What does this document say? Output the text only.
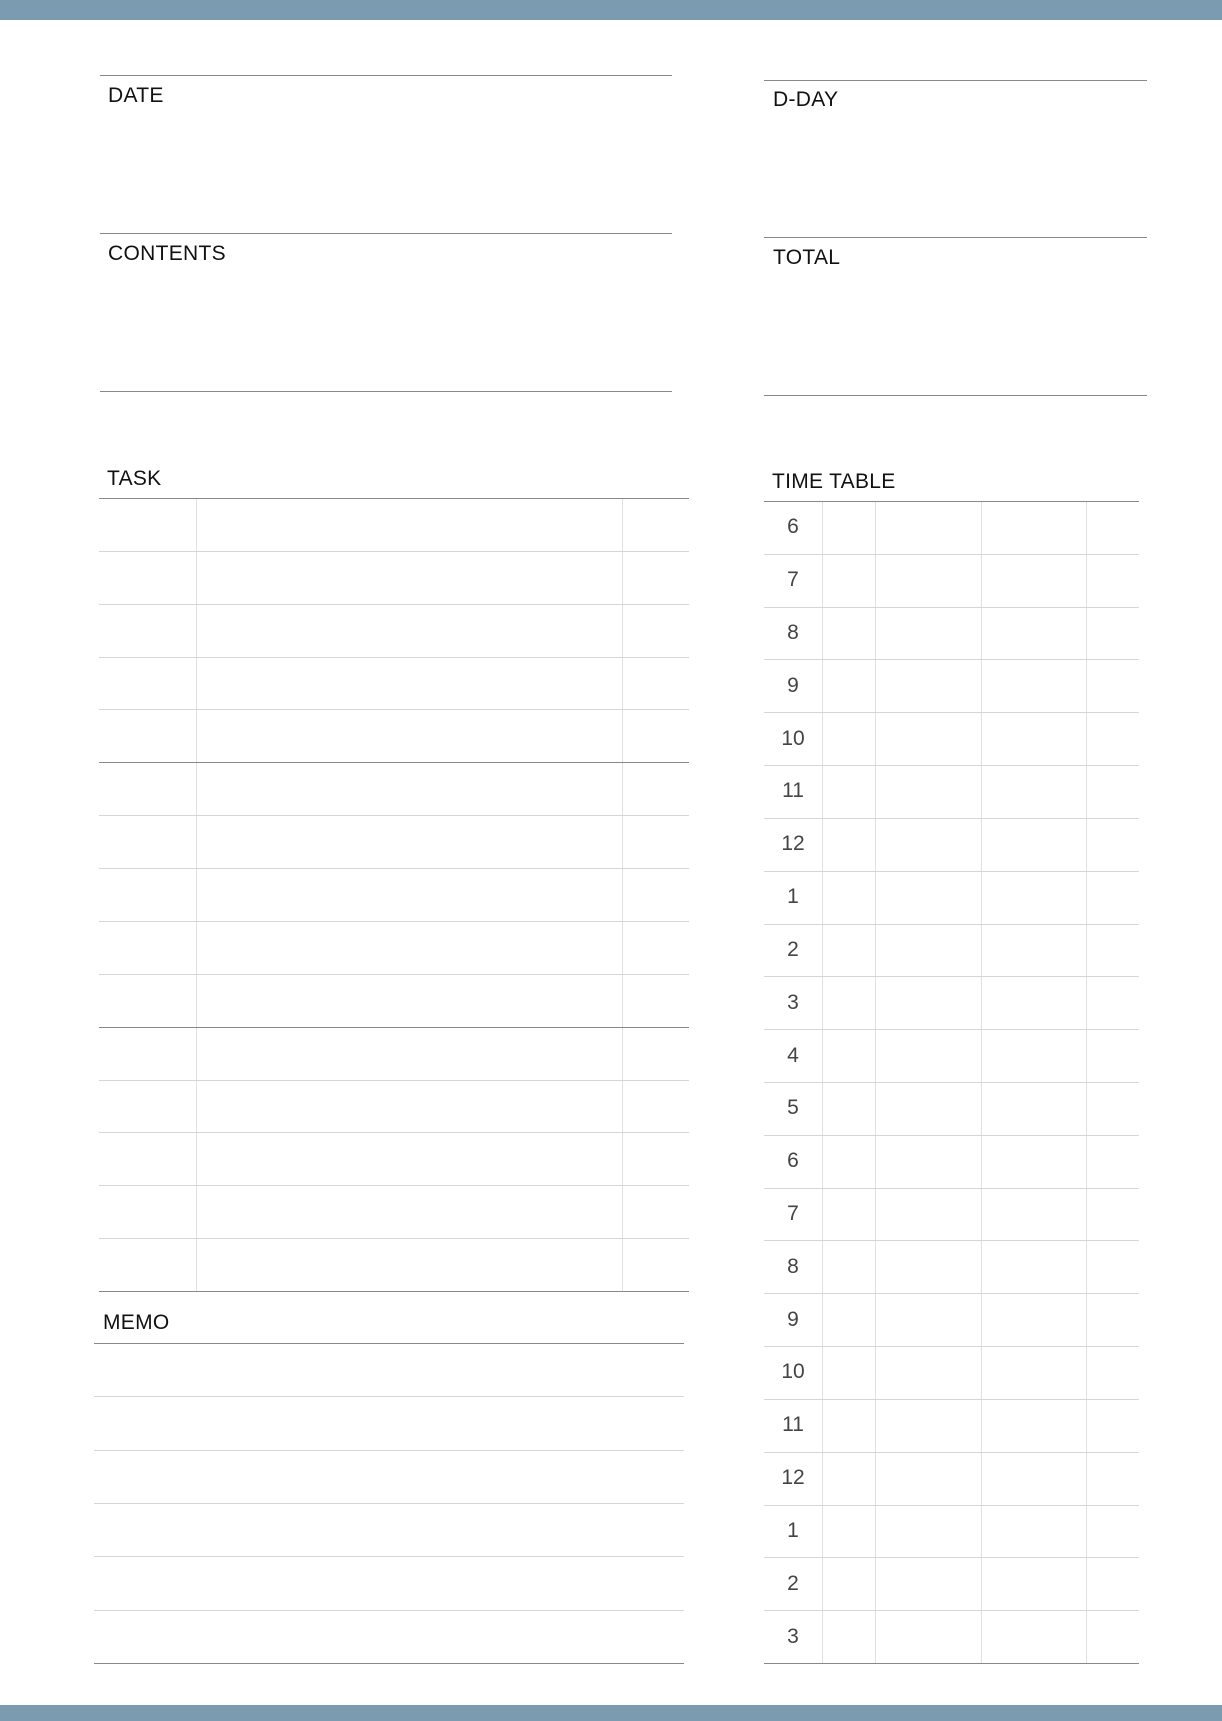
DATE
CONTENTS
D-DAY
TOTAL
TASK
MEMO
TIME TABLE
6
7
8
9
10
11
12
1
2
3
4
5
6
7
8
9
10
11
12
1
2
3
